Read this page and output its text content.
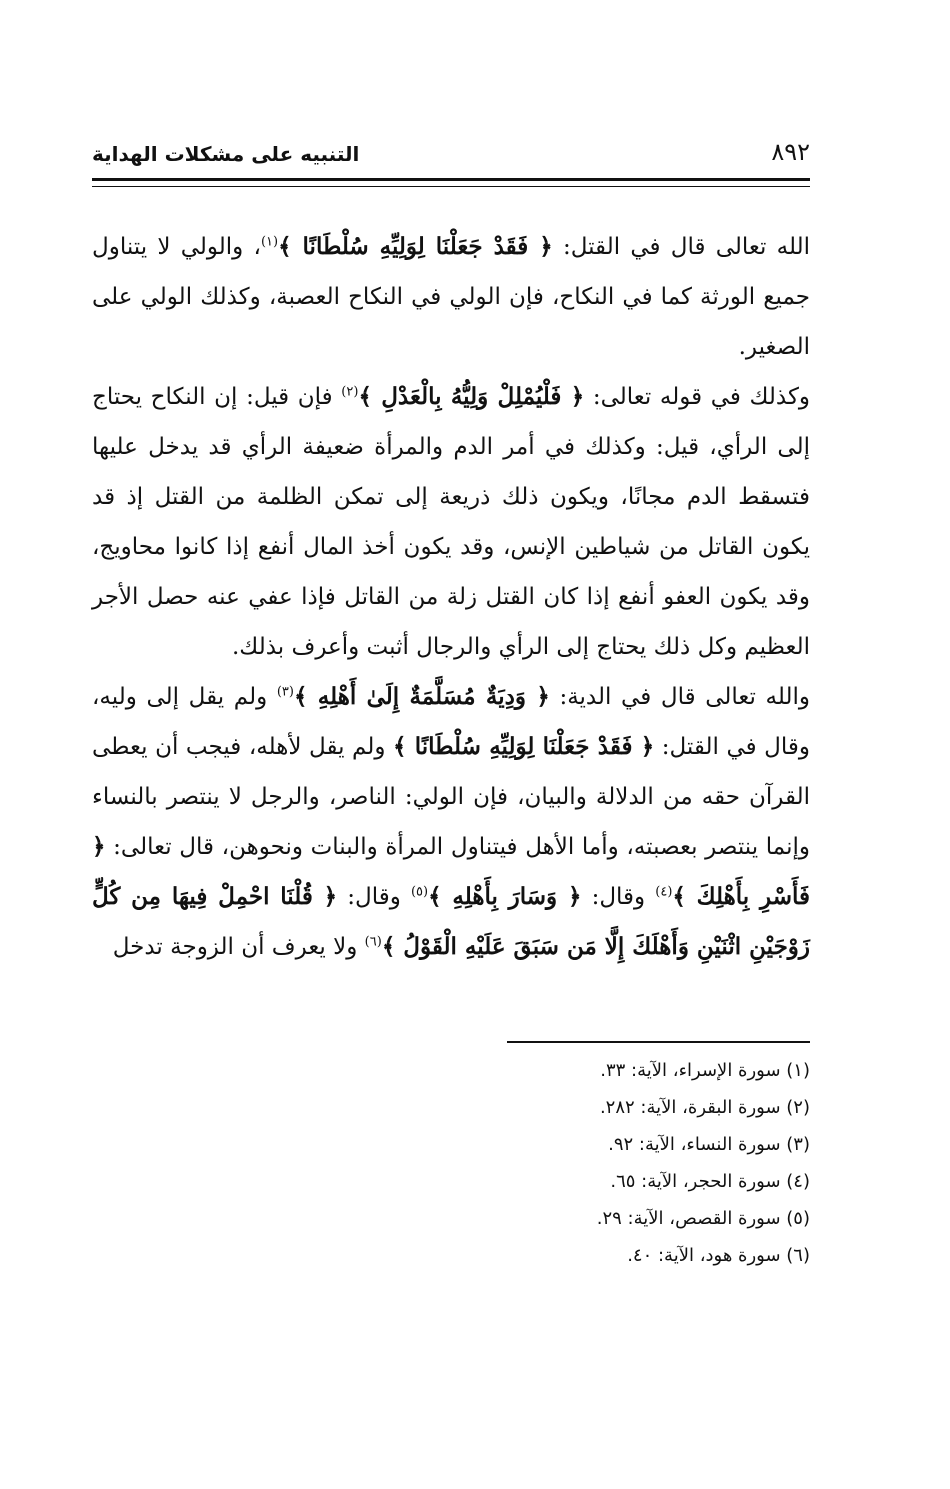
٨٩٢
التنبيه على مشكلات الهداية

الله تعالى قال في القتل: ﴿ فَقَدْ جَعَلْنَا لِوَلِيِّهِ سُلْطَانًا ﴾$^{(١)}$، والولي لا يتناول جميع الورثة كما في النكاح، فإن الولي في النكاح العصبة، وكذلك الولي على الصغير.

وكذلك في قوله تعالى: ﴿ فَلْيُمْلِلْ وَلِيُّهُ بِالْعَدْلِ ﴾$^{(٢)}$ فإن قيل: إن النكاح يحتاج إلى الرأي، قيل: وكذلك في أمر الدم والمرأة ضعيفة الرأي قد يدخل عليها فتسقط الدم مجانًا، ويكون ذلك ذريعة إلى تمكن الظلمة من القتل إذ قد يكون القاتل من شياطين الإنس، وقد يكون أخذ المال أنفع إذا كانوا محاويج، وقد يكون العفو أنفع إذا كان القتل زلة من القاتل فإذا عفي عنه حصل الأجر العظيم وكل ذلك يحتاج إلى الرأي والرجال أثبت وأعرف بذلك.

والله تعالى قال في الدية: ﴿ وَدِيَةٌ مُسَلَّمَةٌ إِلَىٰ أَهْلِهِ ﴾$^{(٣)}$ ولم يقل إلى وليه، وقال في القتل: ﴿ فَقَدْ جَعَلْنَا لِوَلِيِّهِ سُلْطَانًا ﴾ ولم يقل لأهله، فيجب أن يعطى القرآن حقه من الدلالة والبيان، فإن الولي: الناصر، والرجل لا ينتصر بالنساء وإنما ينتصر بعصبته، وأما الأهل فيتناول المرأة والبنات ونحوهن، قال تعالى: ﴿ فَأَسْرِ بِأَهْلِكَ ﴾$^{(٤)}$ وقال: ﴿ وَسَارَ بِأَهْلِهِ ﴾$^{(٥)}$ وقال: ﴿ قُلْنَا احْمِلْ فِيهَا مِن كُلٍّ زَوْجَيْنِ اثْنَيْنِ وَأَهْلَكَ إِلَّا مَن سَبَقَ عَلَيْهِ الْقَوْلُ ﴾$^{(٦)}$ ولا يعرف أن الزوجة تدخل

(١) سورة الإسراء، الآية: ٣٣.

(٢) سورة البقرة، الآية: ٢٨٢.

(٣) سورة النساء، الآية: ٩٢.

(٤) سورة الحجر، الآية: ٦٥.

(٥) سورة القصص، الآية: ٢٩.

(٦) سورة هود، الآية: ٤٠.
